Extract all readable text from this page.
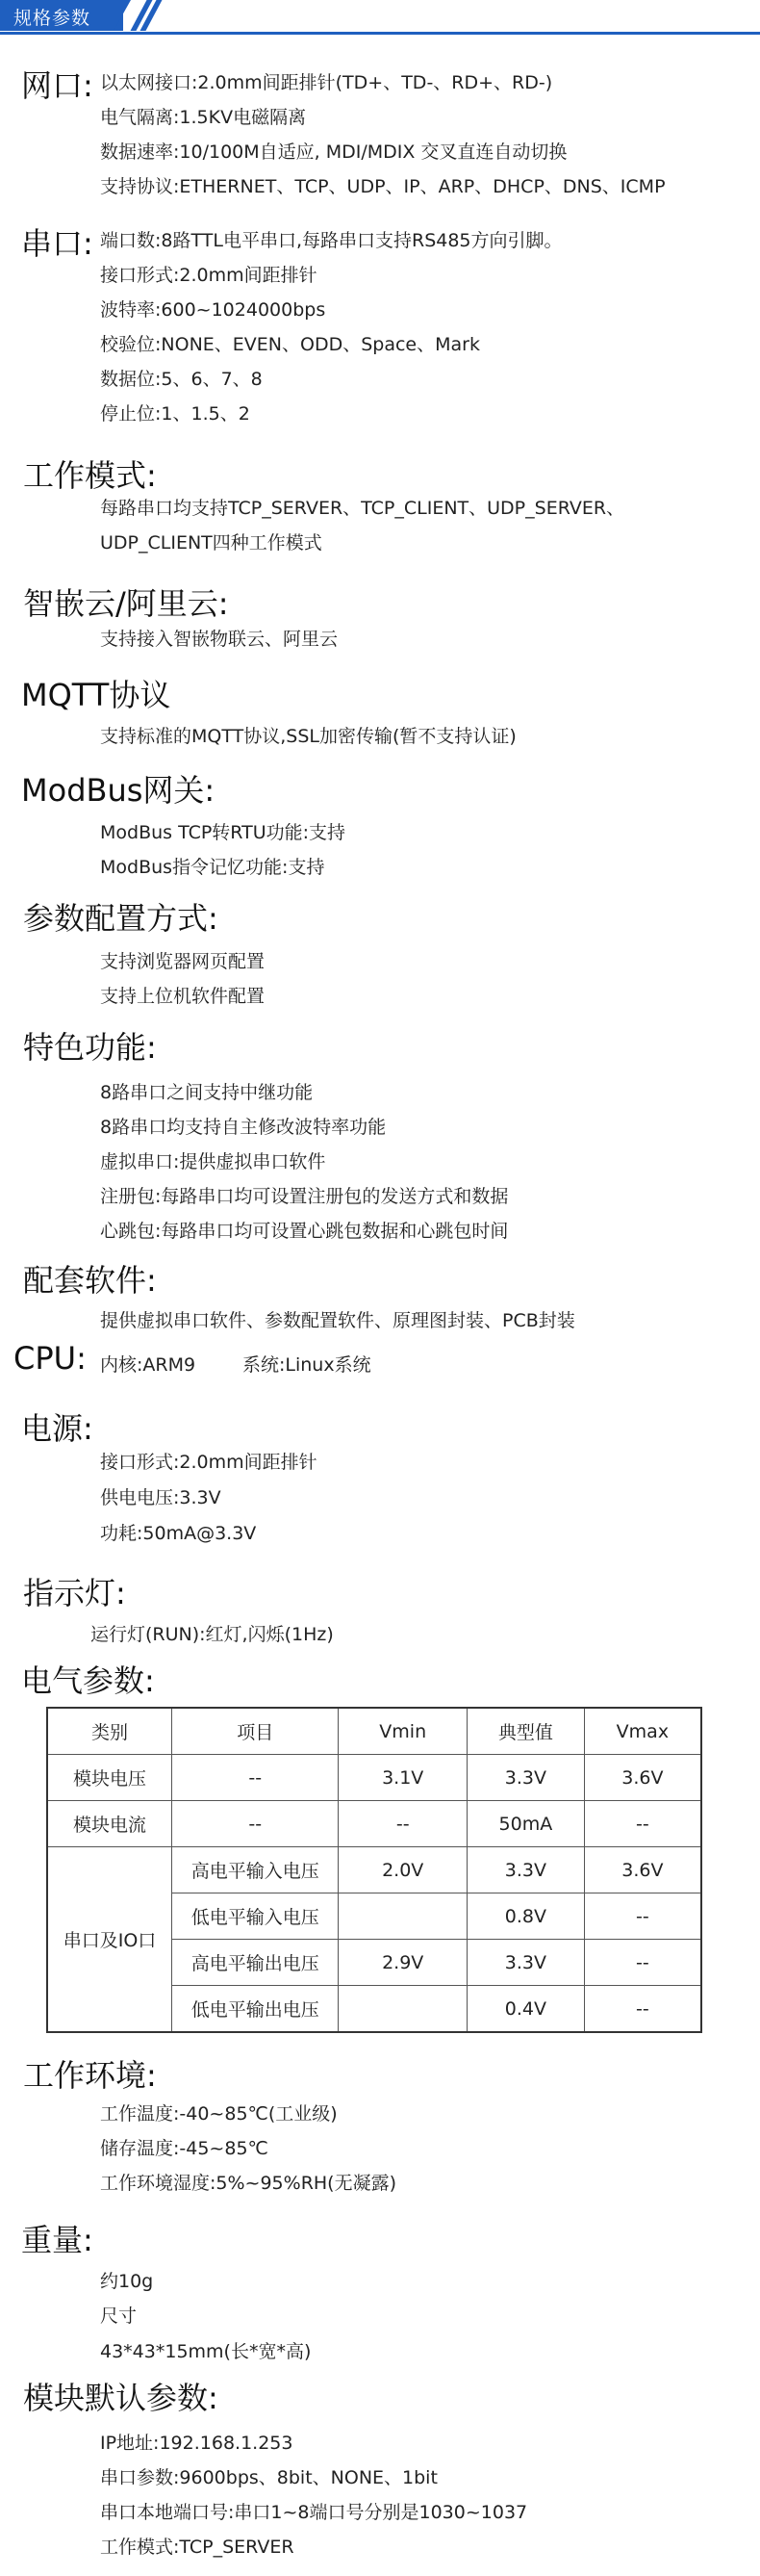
规格参数
网口: 以太网接口:2.0mm间距排针(TD+、TD-、RD+、RD-)
电气隔离:1.5KV电磁隔离
数据速率:10/100M自适应, MDI/MDIX 交叉直连自动切换
支持协议:ETHERNET、TCP、UDP、IP、ARP、DHCP、DNS、ICMP
串口: 端口数:8路TTL电平串口,每路串口支持RS485方向引脚。
接口形式:2.0mm间距排针
波特率:600~1024000bps
校验位:NONE、EVEN、ODD、Space、Mark
数据位:5、6、7、8
停止位:1、1.5、2
工作模式:
每路串口均支持TCP_SERVER、TCP_CLIENT、UDP_SERVER、
UDP_CLIENT四种工作模式
智嵌云/阿里云:
支持接入智嵌物联云、阿里云
MQTT协议
支持标准的MQTT协议,SSL加密传输(暂不支持认证)
ModBus网关:
ModBus TCP转RTU功能:支持
ModBus指令记忆功能:支持
参数配置方式:
支持浏览器网页配置
支持上位机软件配置
特色功能:
8路串口之间支持中继功能
8路串口均支持自主修改波特率功能
虚拟串口:提供虚拟串口软件
注册包:每路串口均可设置注册包的发送方式和数据
心跳包:每路串口均可设置心跳包数据和心跳包时间
配套软件:
提供虚拟串口软件、参数配置软件、原理图封装、PCB封装
CPU: 内核:ARM9	系统:Linux系统
电源:
接口形式:2.0mm间距排针
供电电压:3.3V
功耗:50mA@3.3V
指示灯:
运行灯(RUN):红灯,闪烁(1Hz)
电气参数:
类别	项目	Vmin	典型值	Vmax
模块电压	--	3.1V	3.3V	3.6V
模块电流	--	--	50mA	--
串口及IO口	高电平输入电压	2.0V	3.3V	3.6V
	低电平输入电压		0.8V	--
	高电平输出电压	2.9V	3.3V	--
	低电平输出电压		0.4V	--
工作环境:
工作温度:-40~85℃(工业级)
储存温度:-45~85℃
工作环境湿度:5%~95%RH(无凝露)
重量:
约10g
尺寸
43*43*15mm(长*宽*高)
模块默认参数:
IP地址:192.168.1.253
串口参数:9600bps、8bit、NONE、1bit
串口本地端口号:串口1~8端口号分别是1030~1037
工作模式:TCP_SERVER
